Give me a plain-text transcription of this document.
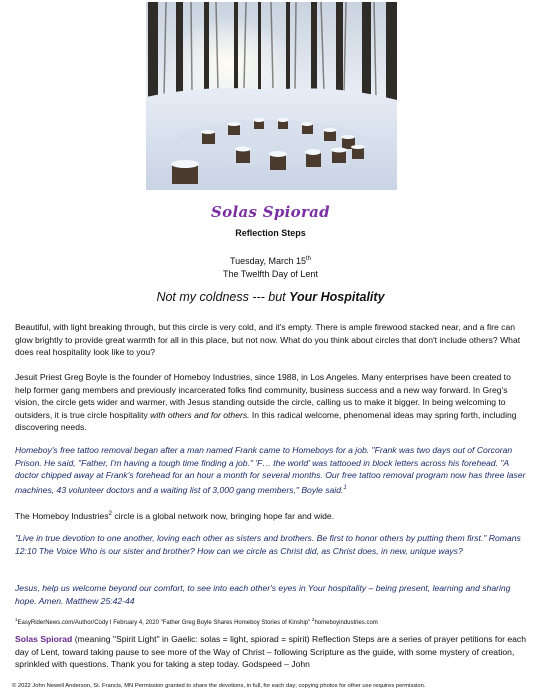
Solas Spiorad
Reflection Steps
Tuesday, March 15th
The Twelfth Day of Lent
Not my coldness --- but Your Hospitality
Beautiful, with light breaking through, but this circle is very cold, and it's empty. There is ample firewood stacked near, and a fire can glow brightly to provide great warmth for all in this place, but not now. What do you think about circles that don't include others? What does real hospitality look like to you?
Jesuit Priest Greg Boyle is the founder of Homeboy Industries, since 1988, in Los Angeles. Many enterprises have been created to help former gang members and previously incarcerated folks find community, business success and a new way forward. In Greg's vision, the circle gets wider and warmer, with Jesus standing outside the circle, calling us to make it bigger. In being welcoming to outsiders, it is true circle hospitality with others and for others. In this radical welcome, phenomenal ideas may spring forth, including discovering needs.
Homeboy's free tattoo removal began after a man named Frank came to Homeboys for a job. "Frank was two days out of Corcoran Prison. He said, "Father, I'm having a tough time finding a job." 'F… the world' was tattooed in block letters across his forehead. "A doctor chipped away at Frank's forehead for an hour a month for several months. Our free tattoo removal program now has three laser machines, 43 volunteer doctors and a waiting list of 3,000 gang members," Boyle said.$^1$
The Homeboy Industries$^2$ circle is a global network now, bringing hope far and wide.
"Live in true devotion to one another, loving each other as sisters and brothers. Be first to honor others by putting them first." Romans 12:10 The Voice Who is our sister and brother? How can we circle as Christ did, as Christ does, in new, unique ways?
Jesus, help us welcome beyond our comfort, to see into each other's eyes in Your hospitality – being present, learning and sharing hope. Amen. Matthew 25:42-44
$^1$EasyRiderNews.com/Author/Cody I February 4, 2020 "Father Greg Boyle Shares Homeboy Stories of Kinship" $^2$homeboyindustries.com
Solas Spiorad (meaning "Spirit Light" in Gaelic: solas = light, spiorad = spirit) Reflection Steps are a series of prayer petitions for each day of Lent, toward taking pause to see more of the Way of Christ – following Scripture as the guide, with some mystery of creation, sprinkled with questions. Thank you for taking a step today. Godspeed – John
© 2022 John Newell Anderson, St. Francis, MN Permission granted to share the devotions, in full, for each day; copying photos for other use requires permission.
